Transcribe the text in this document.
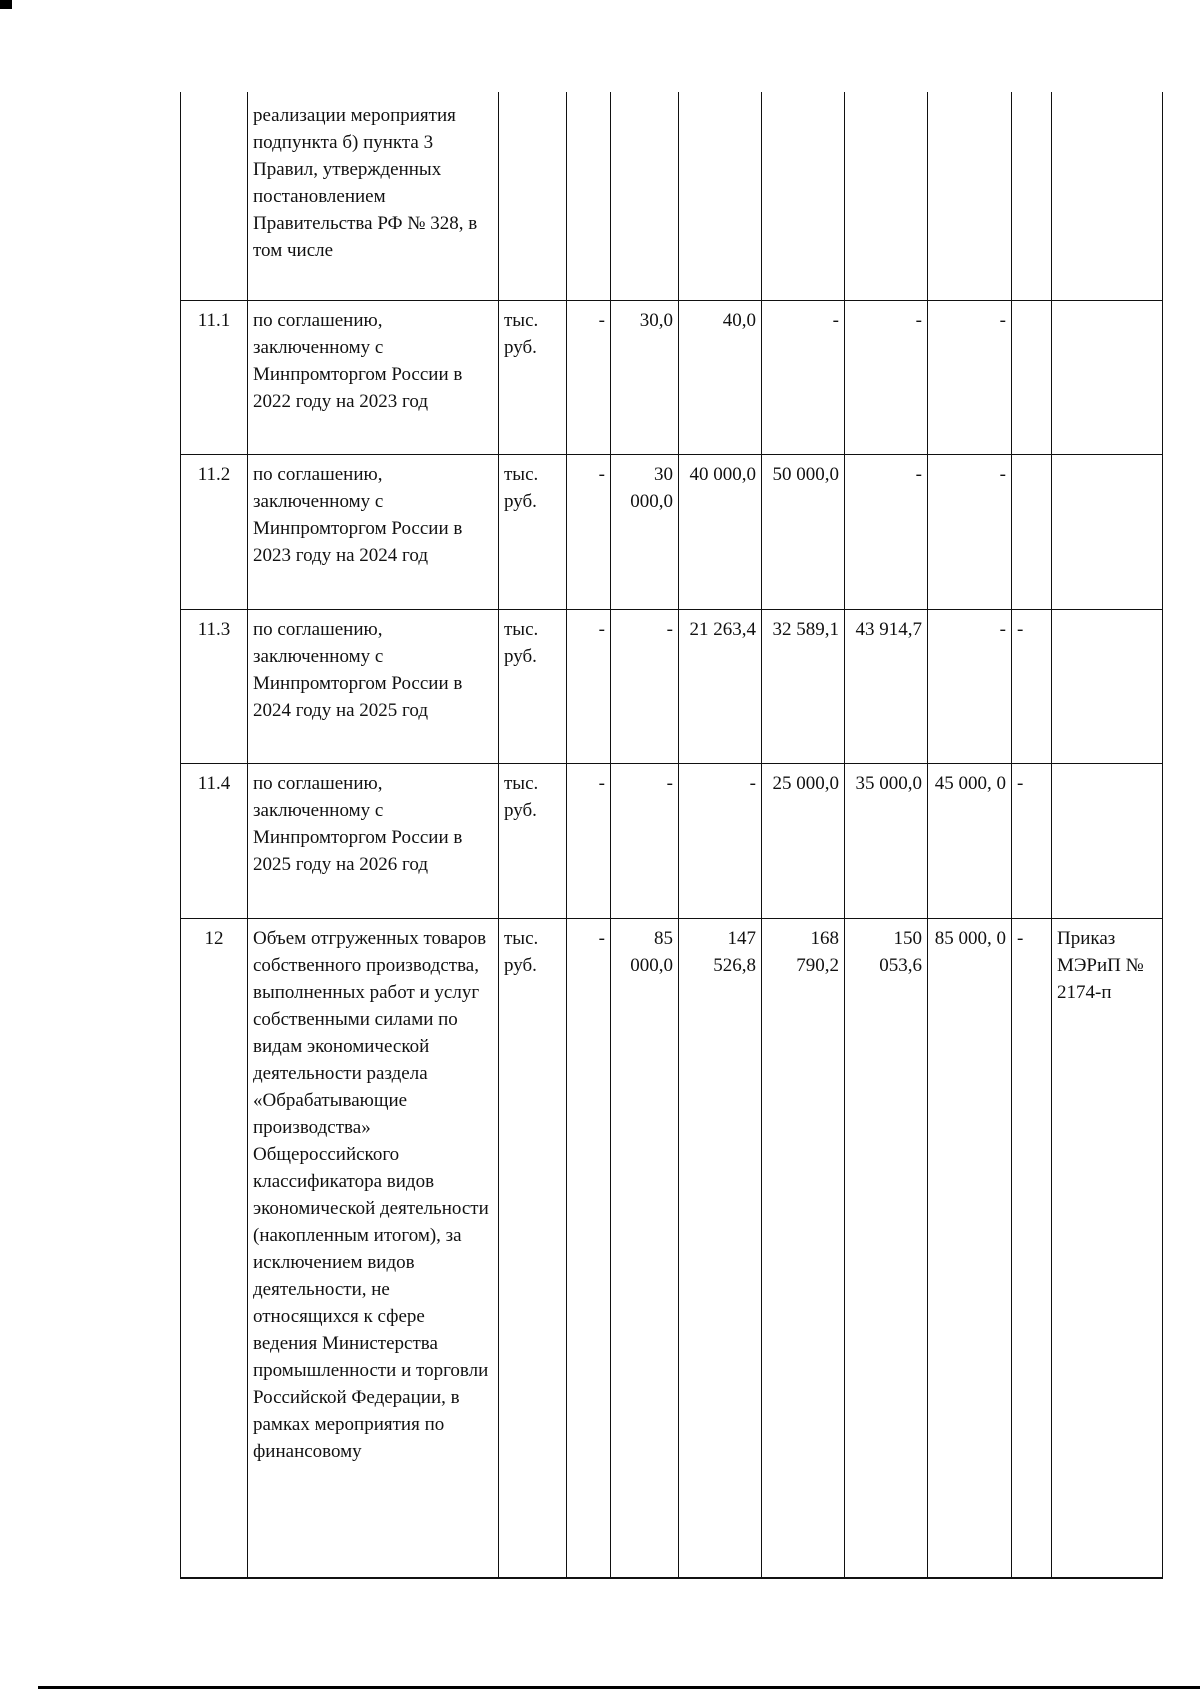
	реализации мероприятия подпункта б) пункта 3 Правил, утвержденных постановлением Правительства РФ № 328, в том числе									
11.1	по соглашению, заключенному с Минпромторгом России в 2022 году на 2023 год	тыс. руб.	-	30,0	40,0	-	-	-		
11.2	по соглашению, заключенному с Минпромторгом России в 2023 году на 2024 год	тыс. руб.	-	30 000,0	40 000,0	50 000,0	-	-		
11.3	по соглашению, заключенному с Минпромторгом России в 2024 году на 2025 год	тыс. руб.	-	-	21 263,4	32 589,1	43 914,7	-	-	
11.4	по соглашению, заключенному с Минпромторгом России в 2025 году на 2026 год	тыс. руб.	-	-	-	25 000,0	35 000,0	45 000, 0	-	
12	Объем отгруженных товаров собственного производства, выполненных работ и услуг собственными силами по видам экономической деятельности раздела «Обрабатывающие производства» Общероссийского классификатора видов экономической деятельности (накопленным итогом), за исключением видов деятельности, не относящихся к сфере ведения Министерства промышленности и торговли Российской Федерации, в рамках мероприятия по финансовому	тыс. руб.	-	85 000,0	147 526,8	168 790,2	150 053,6	85 000, 0	-	Приказ МЭРиП № 2174-п
